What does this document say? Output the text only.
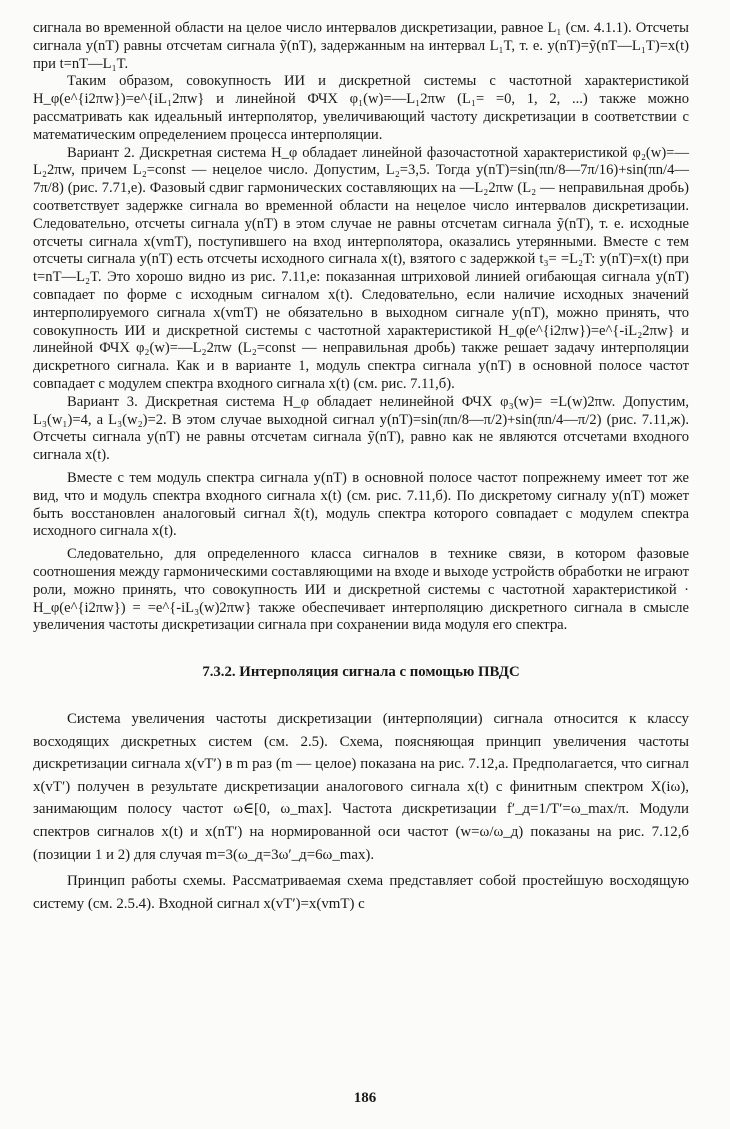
сигнала во временной области на целое число интервалов дискретизации, равное L₁ (см. 4.1.1). Отсчеты сигнала y(nT) равны отсчетам сигнала ỹ(nT), задержанным на интервал L₁T, т. е. y(nT)=ỹ(nT—L₁T)=x(t) при t=nT—L₁T.

Таким образом, совокупность ИИ и дискретной системы с частотной характеристикой H_φ(e^{i2πw})=e^{iL₁2πw} и линейной ФЧХ φ₁(w)=—L₁2πw (L₁= =0, 1, 2, ...) также можно рассматривать как идеальный интерполятор, увеличивающий частоту дискретизации в соответствии с математическим определением процесса интерполяции.

Вариант 2. Дискретная система H_φ обладает линейной фазочастотной характеристикой φ₂(w)=—L₂2πw, причем L₂=const — нецелое число. Допустим, L₂=3,5. Тогда y(nT)=sin(πn/8—7π/16)+sin(πn/4—7π/8) (рис. 7.71,е). Фазовый сдвиг гармонических составляющих на —L₂2πw (L₂ — неправильная дробь) соответствует задержке сигнала во временной области на нецелое число интервалов дискретизации. Следовательно, отсчеты сигнала y(nT) в этом случае не равны отсчетам сигнала ỹ(nT), т. е. исходные отсчеты сигнала x(vmT), поступившего на вход интерполятора, оказались утерянными. Вместе с тем отсчеты сигнала y(nT) есть отсчеты исходного сигнала x(t), взятого с задержкой t₃= =L₂T: y(nT)=x(t) при t=nT—L₂T. Это хорошо видно из рис. 7.11,е: показанная штриховой линией огибающая сигнала y(nT) совпадает по форме с исходным сигналом x(t). Следовательно, если наличие исходных значений интерполируемого сигнала x(vmT) не обязательно в выходном сигнале y(nT), можно принять, что совокупность ИИ и дискретной системы с частотной характеристикой H_φ(e^{i2πw})=e^{-iL₂2πw} и линейной ФЧХ φ₂(w)=—L₂2πw (L₂=const — неправильная дробь) также решает задачу интерполяции дискретного сигнала. Как и в варианте 1, модуль спектра сигнала y(nT) в основной полосе частот совпадает с модулем спектра входного сигнала x(t) (см. рис. 7.11,б).

Вариант 3. Дискретная система H_φ обладает нелинейной ФЧХ φ₃(w)= =L(w)2πw. Допустим, L₃(w₁)=4, а L₃(w₂)=2. В этом случае выходной сигнал y(nT)=sin(πn/8—π/2)+sin(πn/4—π/2) (рис. 7.11,ж). Отсчеты сигнала y(nT) не равны отсчетам сигнала ỹ(nT), равно как не являются отсчетами входного сигнала x(t).

Вместе с тем модуль спектра сигнала y(nT) в основной полосе частот попрежнему имеет тот же вид, что и модуль спектра входного сигнала x(t) (см. рис. 7.11,б). По дискретому сигналу y(nT) может быть восстановлен аналоговый сигнал x̃(t), модуль спектра которого совпадает с модулем спектра исходного сигнала x(t).

Следовательно, для определенного класса сигналов в технике связи, в котором фазовые соотношения между гармоническими составляющими на входе и выходе устройств обработки не играют роли, можно принять, что совокупность ИИ и дискретной системы с частотной характеристикой · H_φ(e^{i2πw}) = =e^{-iL₃(w)2πw} также обеспечивает интерполяцию дискретного сигнала в смысле увеличения частоты дискретизации сигнала при сохранении вида модуля его спектра.

7.3.2. Интерполяция сигнала с помощью ПВДС

Система увеличения частоты дискретизации (интерполяции) сигнала относится к классу восходящих дискретных систем (см. 2.5). Схема, поясняющая принцип увеличения частоты дискретизации сигнала x(vT′) в m раз (m — целое) показана на рис. 7.12,а. Предполагается, что сигнал x(vT′) получен в результате дискретизации аналогового сигнала x(t) с финитным спектром X(iω), занимающим полосу частот ω∈[0, ω_max]. Частота дискретизации f′_д=1/T′=ω_max/π. Модули спектров сигналов x(t) и x(nT′) на нормированной оси частот (w=ω/ω_д) показаны на рис. 7.12,б (позиции 1 и 2) для случая m=3(ω_д=3ω′_д=6ω_max).

Принцип работы схемы. Рассматриваемая схема представляет собой простейшую восходящую систему (см. 2.5.4). Входной сигнал x(vT′)=x(vmT) с

186
